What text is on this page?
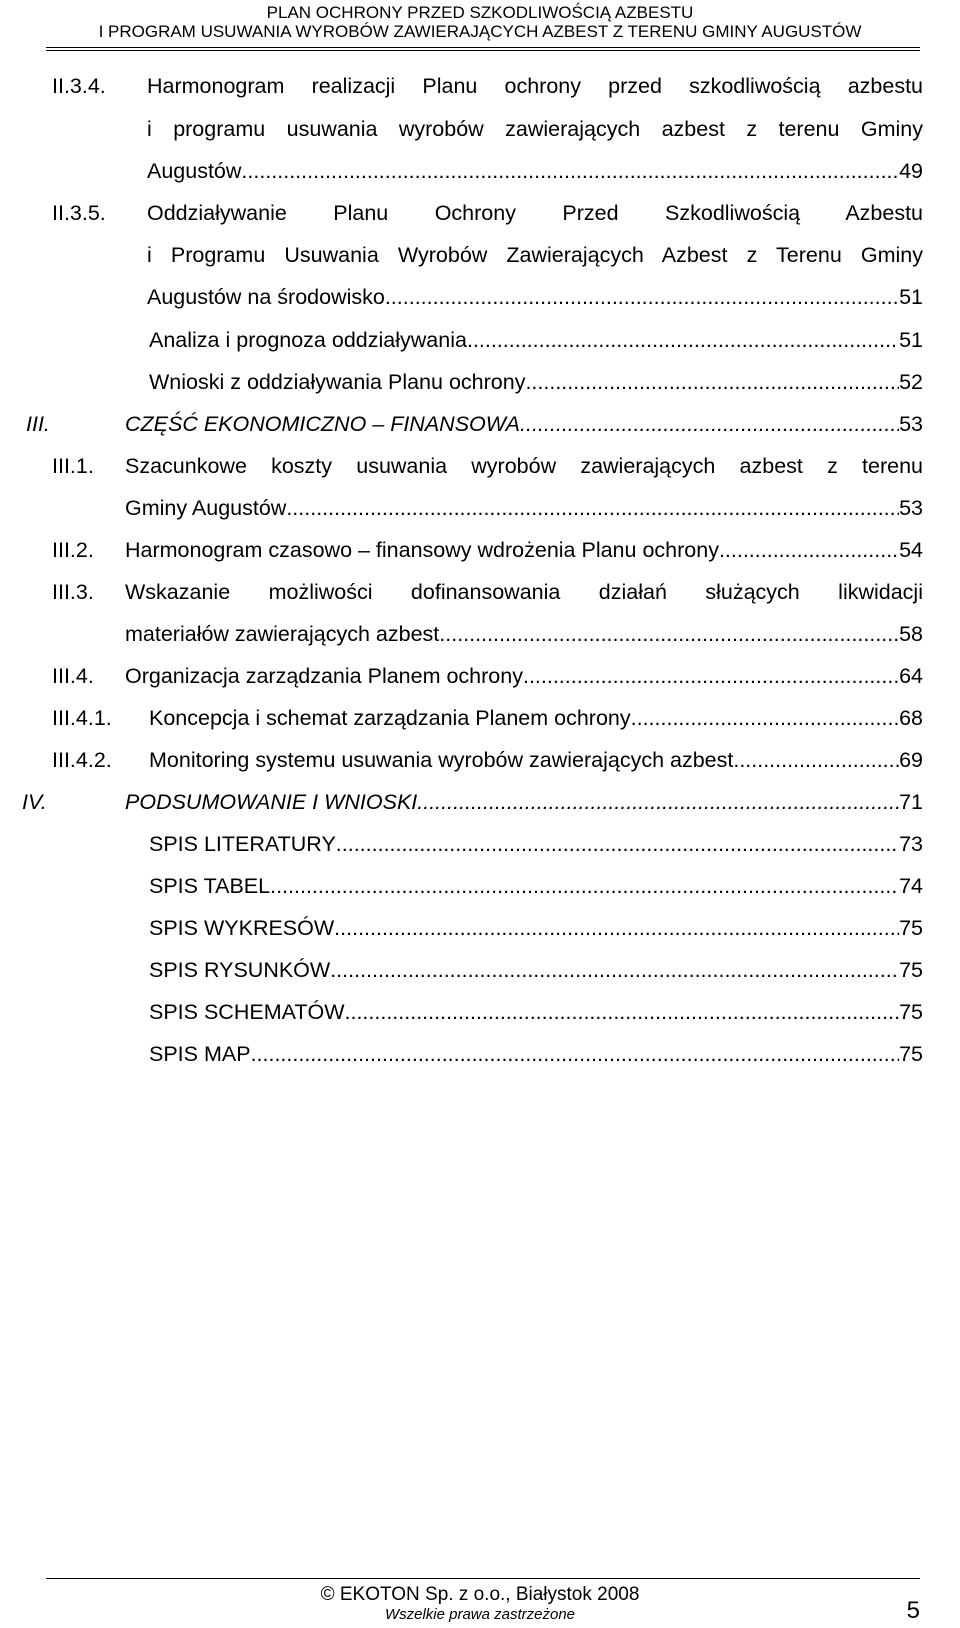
PLAN OCHRONY PRZED SZKODLIWOŚCIĄ AZBESTU
I PROGRAM USUWANIA WYROBÓW ZAWIERAJĄCYCH AZBEST Z TERENU GMINY AUGUSTÓW
II.3.4. Harmonogram realizacji Planu ochrony przed szkodliwością azbestu
i programu usuwania wyrobów zawierających azbest z terenu Gminy
Augustów .....	49
II.3.5. Oddziaływanie Planu Ochrony Przed Szkodliwością Azbestu
i Programu Usuwania Wyrobów Zawierających Azbest z Terenu Gminy
Augustów na środowisko .....	51
Analiza i prognoza oddziaływania .....	51
Wnioski z oddziaływania Planu ochrony .....	52
III.	CZĘŚĆ EKONOMICZNO – FINANSOWA .....	53
III.1. Szacunkowe koszty usuwania wyrobów zawierających azbest z terenu
Gminy Augustów .....	53
III.2. Harmonogram czasowo – finansowy wdrożenia Planu ochrony .....	54
III.3. Wskazanie możliwości dofinansowania działań służących likwidacji
materiałów zawierających azbest .....	58
III.4. Organizacja zarządzania Planem ochrony .....	64
III.4.1. Koncepcja i schemat zarządzania Planem ochrony .....	68
III.4.2. Monitoring systemu usuwania wyrobów zawierających azbest .....	69
IV.	PODSUMOWANIE I WNIOSKI .....	71
SPIS LITERATURY .....	73
SPIS TABEL .....	74
SPIS WYKRESÓW .....	75
SPIS RYSUNKÓW .....	75
SPIS SCHEMATÓW .....	75
SPIS MAP .....	75
© EKOTON Sp. z o.o., Białystok 2008
Wszelkie prawa zastrzeżone	5
